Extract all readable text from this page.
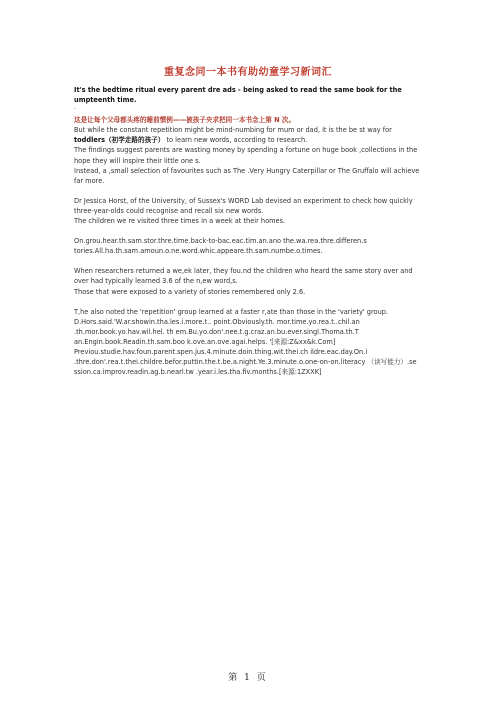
重复念同一本书有助幼童学习新词汇

It's the bedtime ritual every parent dre ads - being asked to read the same book for the umpteenth time.

·

这是让每个父母都头疼的睡前惯例——被孩子央求把同一本书念上第 N 次。

But while the constant repetition might be mind-numbing for mum or dad, it is the be st way for toddlers（初学走路的孩子） to learn new words, according to research.

The findings suggest parents are wasting money by spending a fortune on huge book ,collections in the hope they will inspire their little one s.

Instead, a ,small selection of favourites such as The .Very Hungry Caterpillar or The Gruffalo will achieve far more.

Dr Jessica Horst, of the University, of Sussex's WORD Lab devised an experiment to check how quickly three-year-olds could recognise and recall six new words.

The children we re visited three times in a week at their homes.

On.grou.hear.th.sam.stor.thre.time.back-to-bac.eac.tim.an.ano the.wa.rea.thre.differen.s tories.All.ha.th.sam.amoun.o.ne.word.whic.appeare.th.sam.numbe.o.times.

When researchers returned a we,ek later, they fou.nd the children who heard the same story over and over had typically learned 3.6 of the n,ew word,s.

Those that were exposed to a variety of stories remembered only 2.6.

T,he also noted the 'repetition' group learned at a faster r,ate than those in the 'variety' group. D.Hors.said.'W.ar.showin.tha.les.i.more.t.. point.Obviously.th. mor.time.yo.rea.t..chil.an .th.mor.book.yo.hav.wil.hel. th em.Bu.yo.don'.nee.t.g.craz.an.bu.ever.singl.Thoma.th.T an.Engin.book.Readin.th.sam.boo k.ove.an.ove.agai.helps. '[来源:Z&xx&k.Com] Previou.studie.hav.foun.parent.spen.jus.4.minute.doin.thing.wit.thei.ch ildre.eac.day.On.i .thre.don'.rea.t.thei.childre.befor.puttin.the.t.be.a.night.Ye.3.minute.o.one-on-on.literacy （读写能力）.se ssion.ca.improv.readin.ag.b.nearl.tw .year.i.les.tha.fiv.months.[来源:1ZXXK]

第 1 页
